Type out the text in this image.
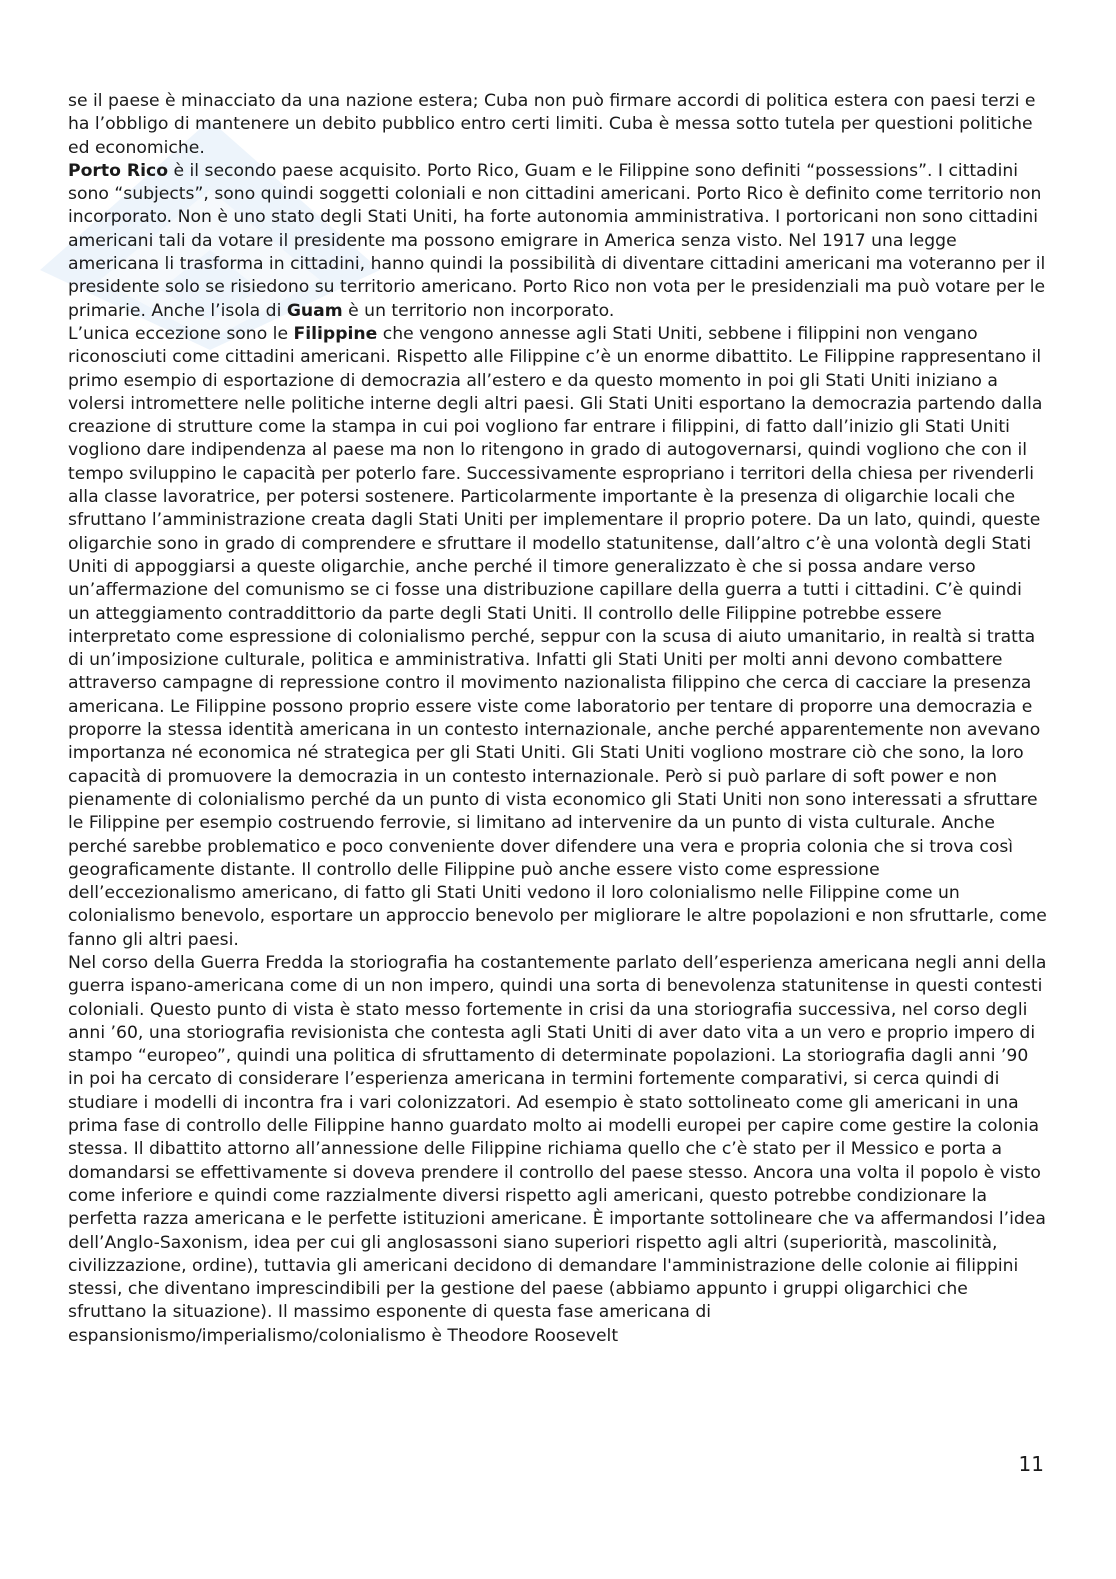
se il paese è minacciato da una nazione estera; Cuba non può firmare accordi di politica estera con paesi terzi e ha l’obbligo di mantenere un debito pubblico entro certi limiti. Cuba è messa sotto tutela per questioni politiche ed economiche.

Porto Rico è il secondo paese acquisito. Porto Rico, Guam e le Filippine sono definiti “possessions”. I cittadini sono “subjects”, sono quindi soggetti coloniali e non cittadini americani. Porto Rico è definito come territorio non incorporato. Non è uno stato degli Stati Uniti, ha forte autonomia amministrativa. I portoricani non sono cittadini americani tali da votare il presidente ma possono emigrare in America senza visto. Nel 1917 una legge americana li trasforma in cittadini, hanno quindi la possibilità di diventare cittadini americani ma voteranno per il presidente solo se risiedono su territorio americano. Porto Rico non vota per le presidenziali ma può votare per le primarie. Anche l’isola di Guam è un territorio non incorporato.

L’unica eccezione sono le Filippine che vengono annesse agli Stati Uniti, sebbene i filippini non vengano riconosciuti come cittadini americani. Rispetto alle Filippine c’è un enorme dibattito. Le Filippine rappresentano il primo esempio di esportazione di democrazia all’estero e da questo momento in poi gli Stati Uniti iniziano a volersi intromettere nelle politiche interne degli altri paesi. Gli Stati Uniti esportano la democrazia partendo dalla creazione di strutture come la stampa in cui poi vogliono far entrare i filippini, di fatto dall’inizio gli Stati Uniti vogliono dare indipendenza al paese ma non lo ritengono in grado di autogovernarsi, quindi vogliono che con il tempo sviluppino le capacità per poterlo fare. Successivamente espropriano i territori della chiesa per rivenderli alla classe lavoratrice, per potersi sostenere. Particolarmente importante è la presenza di oligarchie locali che sfruttano l’amministrazione creata dagli Stati Uniti per implementare il proprio potere. Da un lato, quindi, queste oligarchie sono in grado di comprendere e sfruttare il modello statunitense, dall’altro c’è una volontà degli Stati Uniti di appoggiarsi a queste oligarchie, anche perché il timore generalizzato è che si possa andare verso un’affermazione del comunismo se ci fosse una distribuzione capillare della guerra a tutti i cittadini. C’è quindi un atteggiamento contraddittorio da parte degli Stati Uniti. Il controllo delle Filippine potrebbe essere interpretato come espressione di colonialismo perché, seppur con la scusa di aiuto umanitario, in realtà si tratta di un’imposizione culturale, politica e amministrativa. Infatti gli Stati Uniti per molti anni devono combattere attraverso campagne di repressione contro il movimento nazionalista filippino che cerca di cacciare la presenza americana. Le Filippine possono proprio essere viste come laboratorio per tentare di proporre una democrazia e proporre la stessa identità americana in un contesto internazionale, anche perché apparentemente non avevano importanza né economica né strategica per gli Stati Uniti. Gli Stati Uniti vogliono mostrare ciò che sono, la loro capacità di promuovere la democrazia in un contesto internazionale. Però si può parlare di soft power e non pienamente di colonialismo perché da un punto di vista economico gli Stati Uniti non sono interessati a sfruttare le Filippine per esempio costruendo ferrovie, si limitano ad intervenire da un punto di vista culturale. Anche perché sarebbe problematico e poco conveniente dover difendere una vera e propria colonia che si trova così geograficamente distante. Il controllo delle Filippine può anche essere visto come espressione dell’eccezionalismo americano, di fatto gli Stati Uniti vedono il loro colonialismo nelle Filippine come un colonialismo benevolo, esportare un approccio benevolo per migliorare le altre popolazioni e non sfruttarle, come fanno gli altri paesi.

Nel corso della Guerra Fredda la storiografia ha costantemente parlato dell’esperienza americana negli anni della guerra ispano-americana come di un non impero, quindi una sorta di benevolenza statunitense in questi contesti coloniali. Questo punto di vista è stato messo fortemente in crisi da una storiografia successiva, nel corso degli anni ’60, una storiografia revisionista che contesta agli Stati Uniti di aver dato vita a un vero e proprio impero di stampo “europeo”, quindi una politica di sfruttamento di determinate popolazioni. La storiografia dagli anni ’90 in poi ha cercato di considerare l’esperienza americana in termini fortemente comparativi, si cerca quindi di studiare i modelli di incontra fra i vari colonizzatori. Ad esempio è stato sottolineato come gli americani in una prima fase di controllo delle Filippine hanno guardato molto ai modelli europei per capire come gestire la colonia stessa. Il dibattito attorno all’annessione delle Filippine richiama quello che c’è stato per il Messico e porta a domandarsi se effettivamente si doveva prendere il controllo del paese stesso. Ancora una volta il popolo è visto come inferiore e quindi come razzialmente diversi rispetto agli americani, questo potrebbe condizionare la perfetta razza americana e le perfette istituzioni americane. È importante sottolineare che va affermandosi l’idea dell’Anglo-Saxonism, idea per cui gli anglosassoni siano superiori rispetto agli altri (superiorità, mascolinità, civilizzazione, ordine), tuttavia gli americani decidono di demandare l'amministrazione delle colonie ai filippini stessi, che diventano imprescindibili per la gestione del paese (abbiamo appunto i gruppi oligarchici che sfruttano la situazione). Il massimo esponente di questa fase americana di espansionismo/imperialismo/colonialismo è Theodore Roosevelt

11
